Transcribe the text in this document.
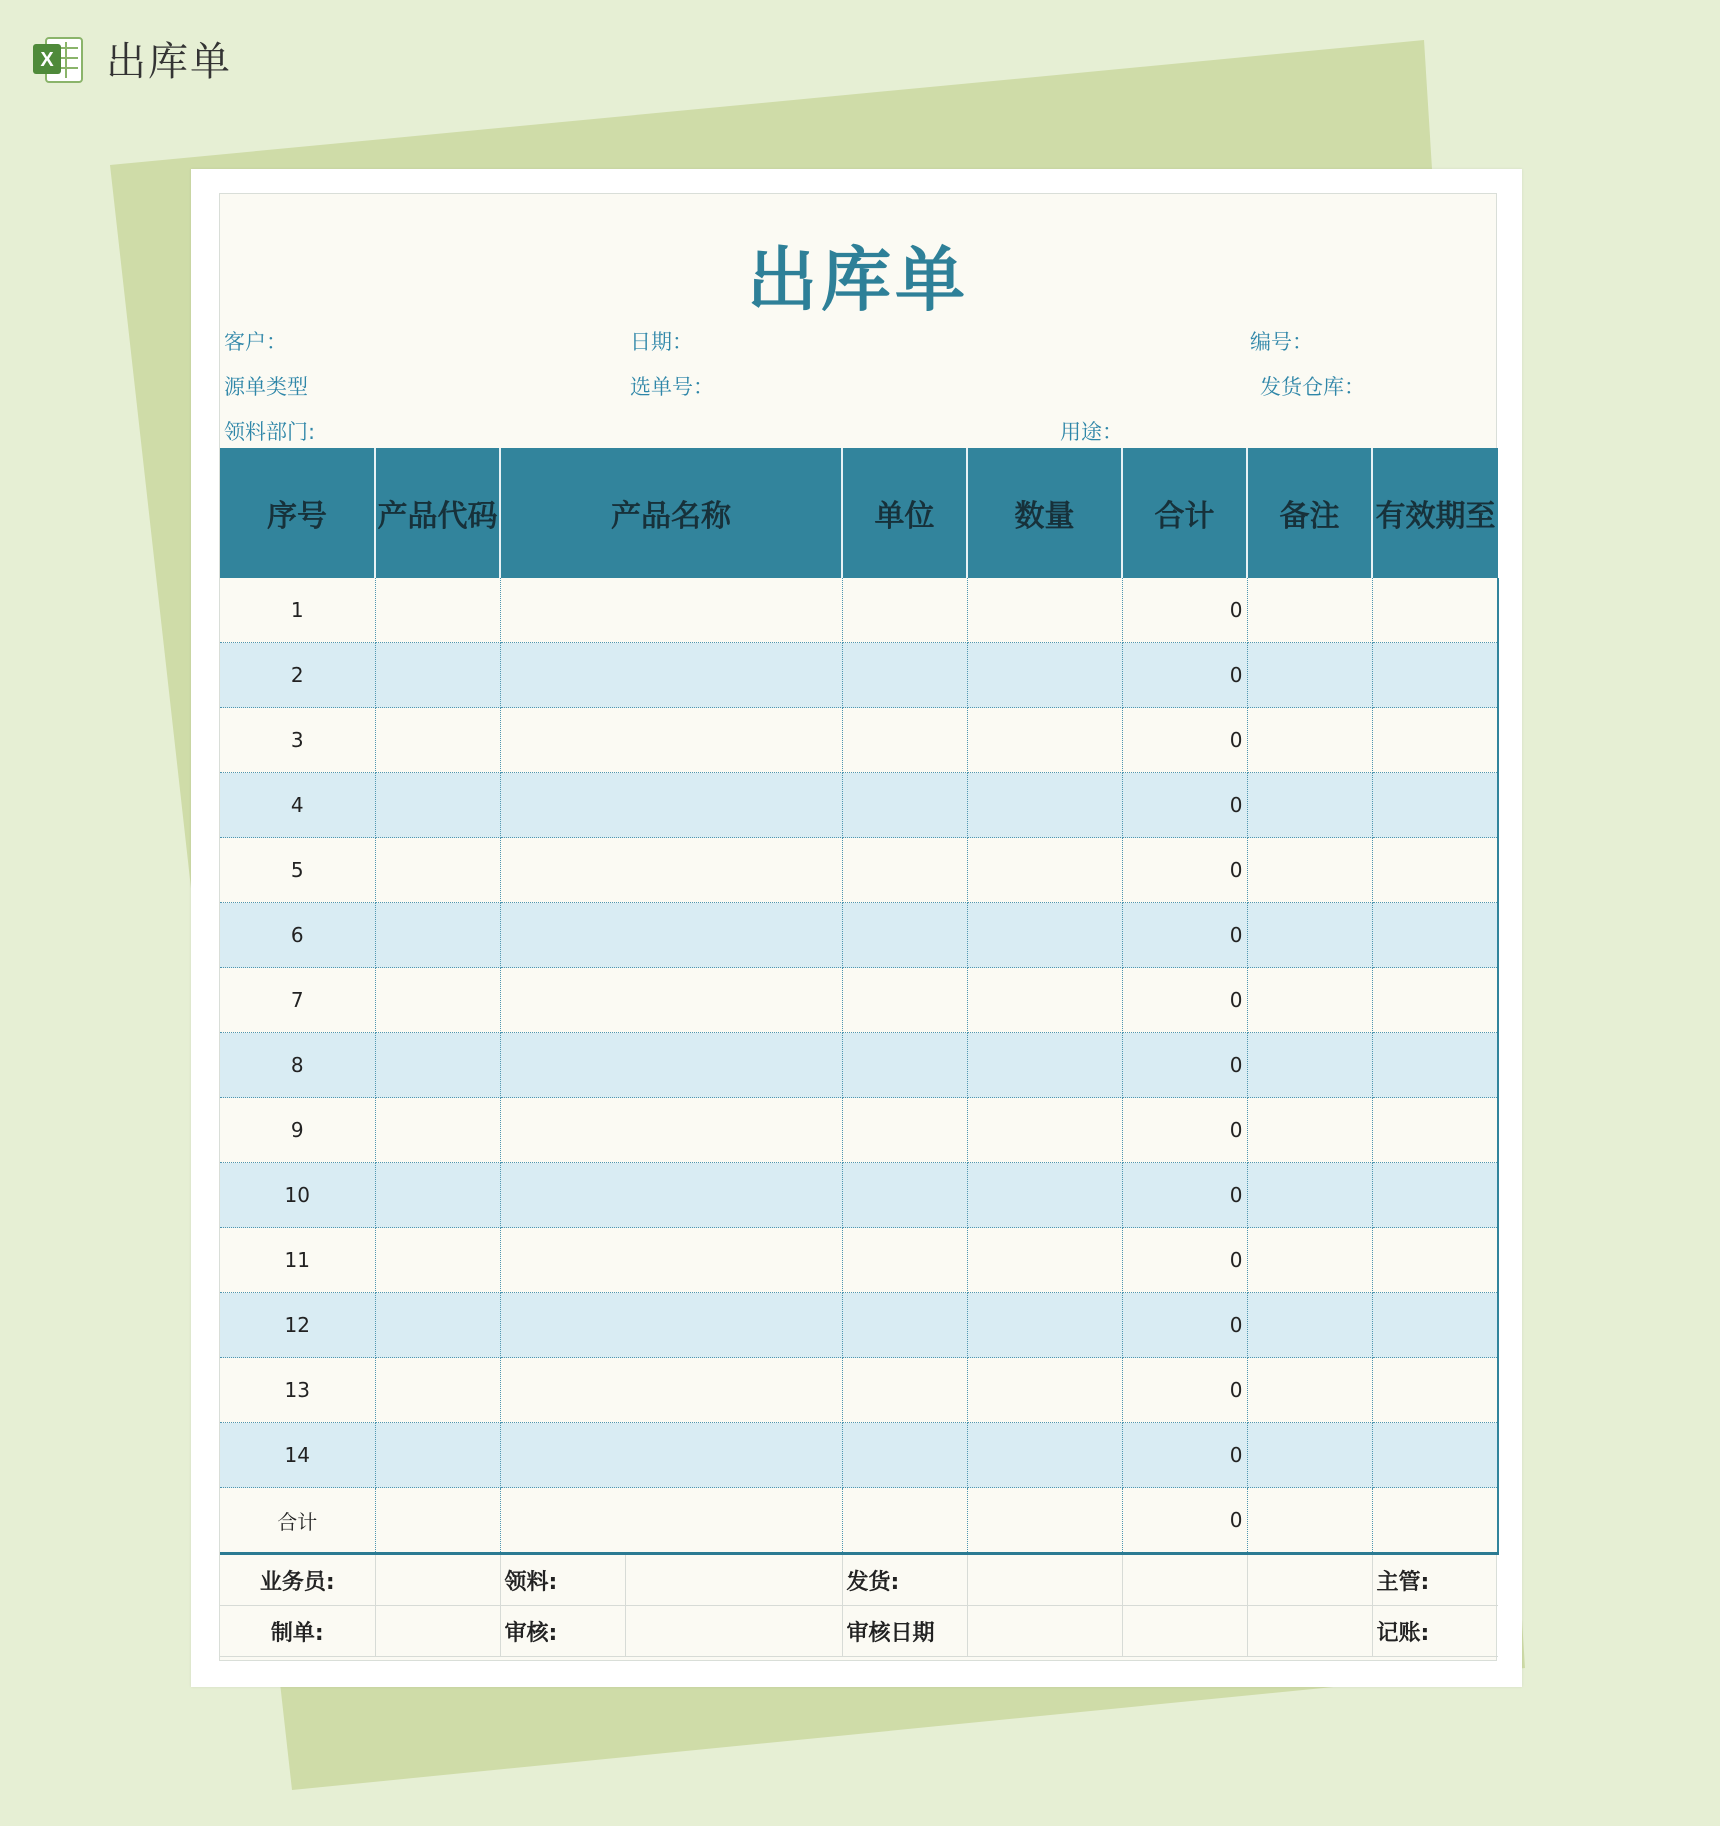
X 出库单
出库单
客户：	日期：	编号：
源单类型	选单号：	发货仓库：
领料部门:	用途：
序号	产品代码	产品名称	单位	数量	合计	备注	有效期至
1					0		
2					0		
3					0		
4					0		
5					0		
6					0		
7					0		
8					0		
9					0		
10					0		
11					0		
12					0		
13					0		
14					0		
合计					0		
业务员:		领料:		发货:				主管:
制单:		审核:		审核日期				记账:
